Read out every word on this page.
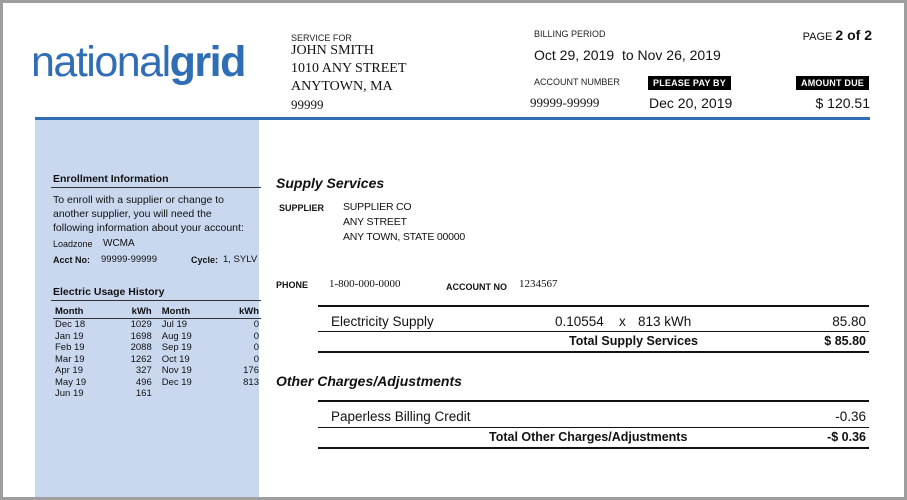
nationalgrid	SERVICE FOR
JOHN SMITH
1010 ANY STREET
ANYTOWN, MA
99999
BILLING PERIOD
Oct 29, 2019  to Nov 26, 2019
ACCOUNT NUMBER
99999-99999
PAGE 2 of 2
PLEASE PAY BY
Dec 20, 2019
AMOUNT DUE
$ 120.51
Enrollment Information
To enroll with a supplier or change to
another supplier, you will need the
following information about your account:
Loadzone WCMA
Acct No: 99999-99999	Cycle: 1, SYLV
Electric Usage History
Month	kWh	Month	kWh
Dec 18	1029	Jul 19	0
Jan 19	1698	Aug 19	0
Feb 19	2088	Sep 19	0
Mar 19	1262	Oct 19	0
Apr 19	327	Nov 19	176
May 19	496	Dec 19	813
Jun 19	161		
Supply Services
SUPPLIER SUPPLIER CO
ANY STREET
ANY TOWN, STATE 00000
PHONE 1-800-000-0000	ACCOUNT NO 1234567
Electricity Supply	0.10554 x 813 kWh	85.80
Total Supply Services	$ 85.80
Other Charges/Adjustments
Paperless Billing Credit	-0.36
Total Other Charges/Adjustments	-$ 0.36
